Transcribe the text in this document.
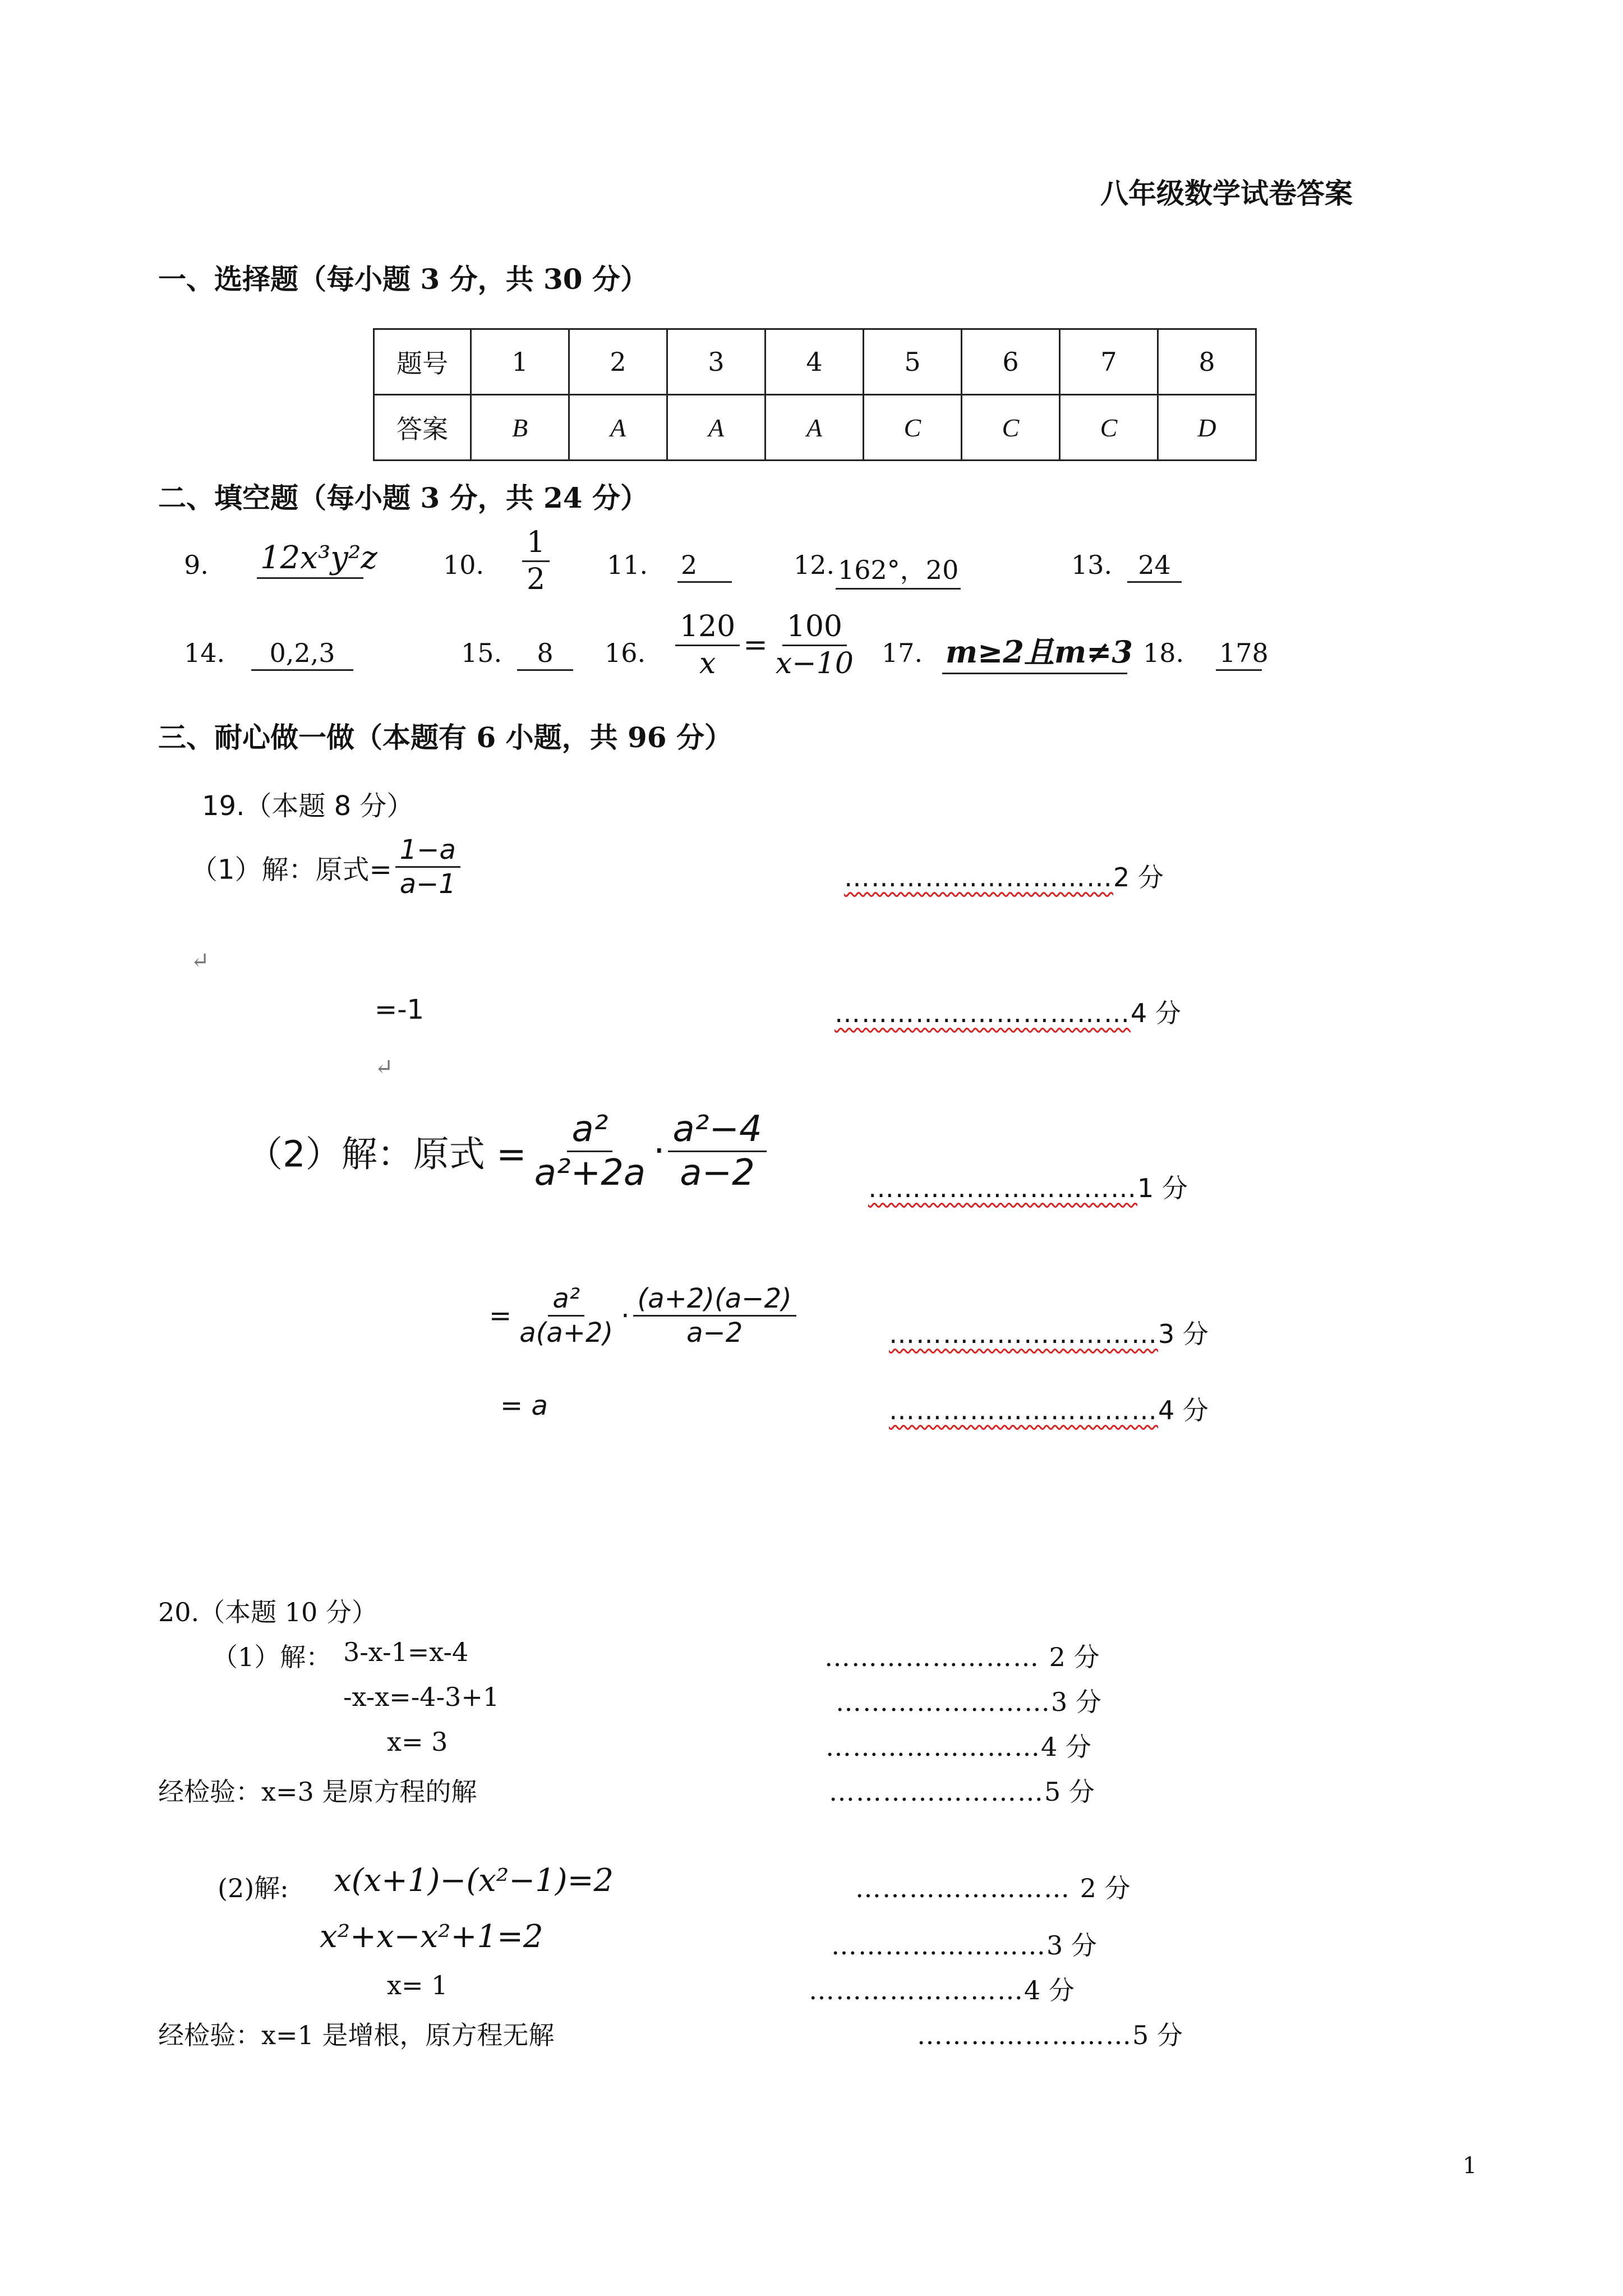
八年级数学试卷答案
一、选择题（每小题 3 分，共 30 分）
题号	1	2	3	4	5	6	7	8
答案	B	A	A	A	C	C	C	D
二、填空题（每小题 3 分，共 24 分）
9. 12x³y²z	10. $\frac{1}{2} 11$. 2	12. 162°，20	13.	24
14.	0,2,3	15.	8	16. $\frac{120}{x} = \frac{100}{x-10} 17$. m≥2且m≠3 18. 178
三、耐心做一做（本题有 6 小题，共 96 分）
19.（本题 8 分）
（1）解：原式= $\frac{1-a}{a-1}$	…………………………2 分
↵
=-1	……………………………4 分
↵
（2）解：原式 = $\frac{\text{a²}}{\text{a²+2a}} \cdot \frac{\text{a²−4}}{a-2}$	…………………………1 分
= $\frac{\text{a²}}{a(a+2)} \cdot \frac{(a+2)(a-2)}{a-2}$	…………………………3 分
= a	…………………………4 分
20.（本题 10 分）
（1）解： 3-x-1=x-4	…………………… 2 分
-x-x=-4-3+1	……………………3 分
x= 3	……………………4 分
经检验：x=3 是原方程的解	……………………5 分
(2)解: x(x+1)−(x²−1)=2	…………………… 2 分
x²+x−x²+1=2	……………………3 分
x= 1	……………………4 分
经检验：x=1 是增根，原方程无解	……………………5 分
1
